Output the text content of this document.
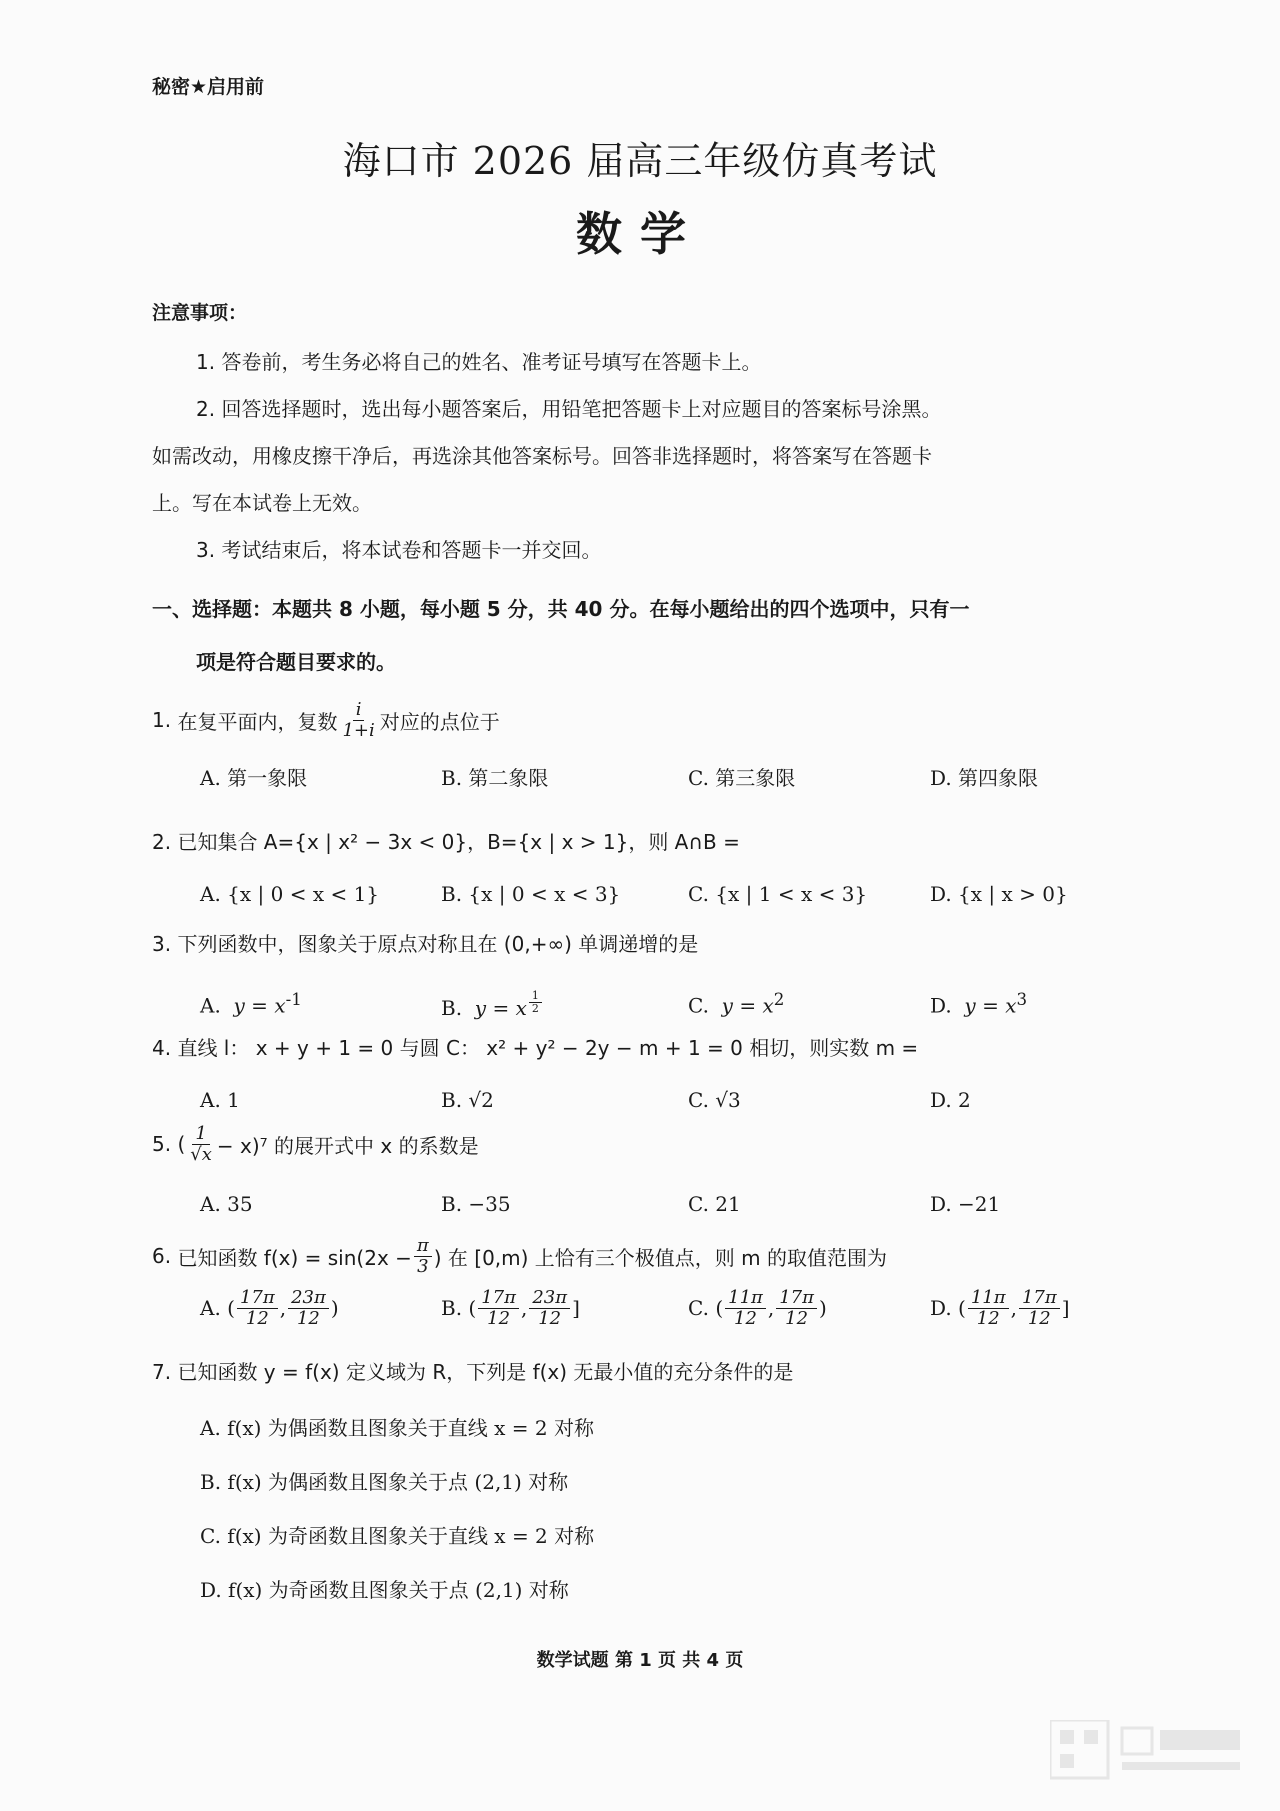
秘密★启用前
海口市 2026 届高三年级仿真考试
数学
注意事项：
1. 答卷前，考生务必将自己的姓名、准考证号填写在答题卡上。
2. 回答选择题时，选出每小题答案后，用铅笔把答题卡上对应题目的答案标号涂黑。
如需改动，用橡皮擦干净后，再选涂其他答案标号。回答非选择题时，将答案写在答题卡
上。写在本试卷上无效。
3. 考试结束后，将本试卷和答题卡一并交回。
一、选择题：本题共 8 小题，每小题 5 分，共 40 分。在每小题给出的四个选项中，只有一
项是符合题目要求的。
1.
在复平面内，复数 $\frac{i}{1+i}$ 对应的点位于
A. 第一象限	B. 第二象限	C. 第三象限	D. 第四象限
2. 已知集合 A={x | x² − 3x < 0}，B={x | x > 1}，则 A∩B =
A. {x | 0 < x < 1}	B. {x | 0 < x < 3}	C. {x | 1 < x < 3}	D. {x | x > 0}
3. 下列函数中，图象关于原点对称且在 (0,+∞) 单调递增的是
A.  $y = x^{-1}$	B.  y = x $^{\frac{1}{2}}$	C.  $y = x^2$	D.  $y = x^3$
4. 直线 l： x + y + 1 = 0 与圆 C： x² + y² − 2y − m + 1 = 0 相切，则实数 m =
A. 1	B. √2	C. √3	D. 2
5.
( $\frac{1}{√x} - x)^7$ 的展开式中 x 的系数是
A. 35	B. −35	C. 21	D. −21
6.
已知函数 $f(x) = \sin(2x - \frac{\pi}{3}$ ) 在 [0,m) 上恰有三个极值点，则 m 的取值范围为
A.
( $\frac{17\pi}{12}$ , $\frac{23\pi}{12}$ )	B.
( $\frac{17\pi}{12}$ , $\frac{23\pi}{12}$ ]	C.
( $\frac{11\pi}{12}$ , $\frac{17\pi}{12}$ )	D.
( $\frac{11\pi}{12}$ , $\frac{17\pi}{12}$ ]
7. 已知函数 y = f(x) 定义域为 R，下列是 f(x) 无最小值的充分条件的是
A. f(x) 为偶函数且图象关于直线 x = 2 对称
B. f(x) 为偶函数且图象关于点 (2,1) 对称
C. f(x) 为奇函数且图象关于直线 x = 2 对称
D. f(x) 为奇函数且图象关于点 (2,1) 对称
数学试题 第 1 页 共 4 页
